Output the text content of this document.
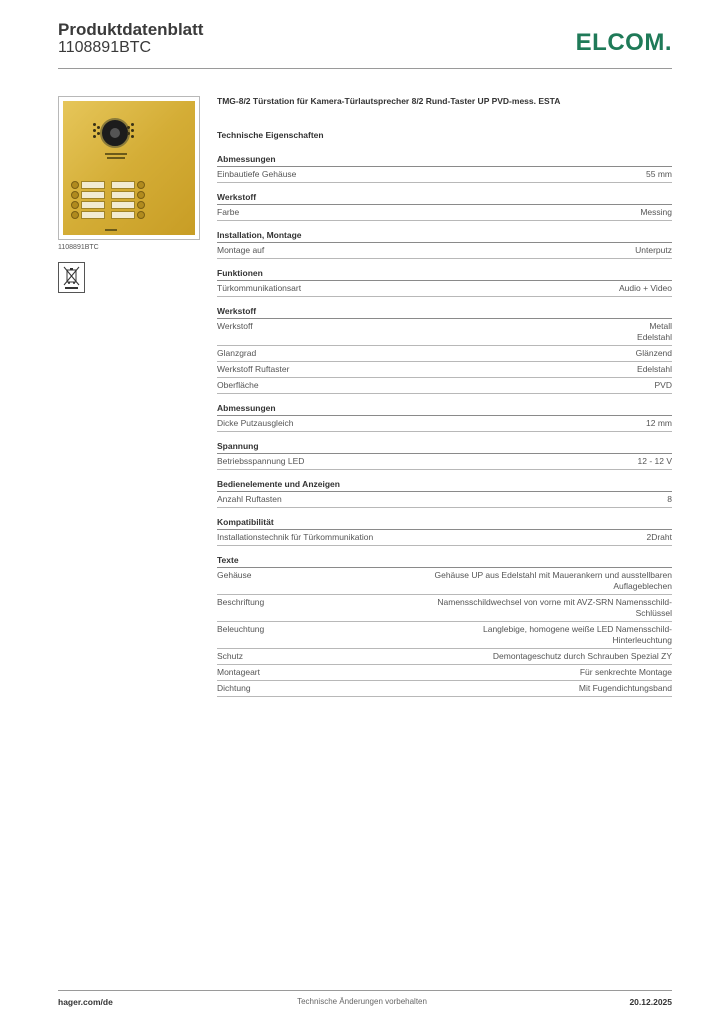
Produktdatenblatt
1108891BTC	ELCOM.
1108891BTC
TMG-8/2 Türstation für Kamera-Türlautsprecher 8/2 Rund-Taster UP PVD-mess. ESTA
Technische Eigenschaften
Abmessungen
Einbautiefe Gehäuse	55 mm
Werkstoff
Farbe	Messing
Installation, Montage
Montage auf	Unterputz
Funktionen
Türkommunikationsart	Audio + Video
Werkstoff
Werkstoff	Metall
Edelstahl
Glanzgrad	Glänzend
Werkstoff Ruftaster	Edelstahl
Oberfläche	PVD
Abmessungen
Dicke Putzausgleich	12 mm
Spannung
Betriebsspannung LED	12 - 12 V
Bedienelemente und Anzeigen
Anzahl Ruftasten	8
Kompatibilität
Installationstechnik für Türkommunikation	2Draht
Texte
Gehäuse	Gehäuse UP aus Edelstahl mit Mauerankern und ausstellbaren
Auflageblechen
Beschriftung	Namensschildwechsel von vorne mit AVZ-SRN Namensschild-
Schlüssel
Beleuchtung	Langlebige, homogene weiße LED Namensschild-
Hinterleuchtung
Schutz	Demontageschutz durch Schrauben Spezial ZY
Montageart	Für senkrechte Montage
Dichtung	Mit Fugendichtungsband
hager.com/de	Technische Änderungen vorbehalten	20.12.2025
